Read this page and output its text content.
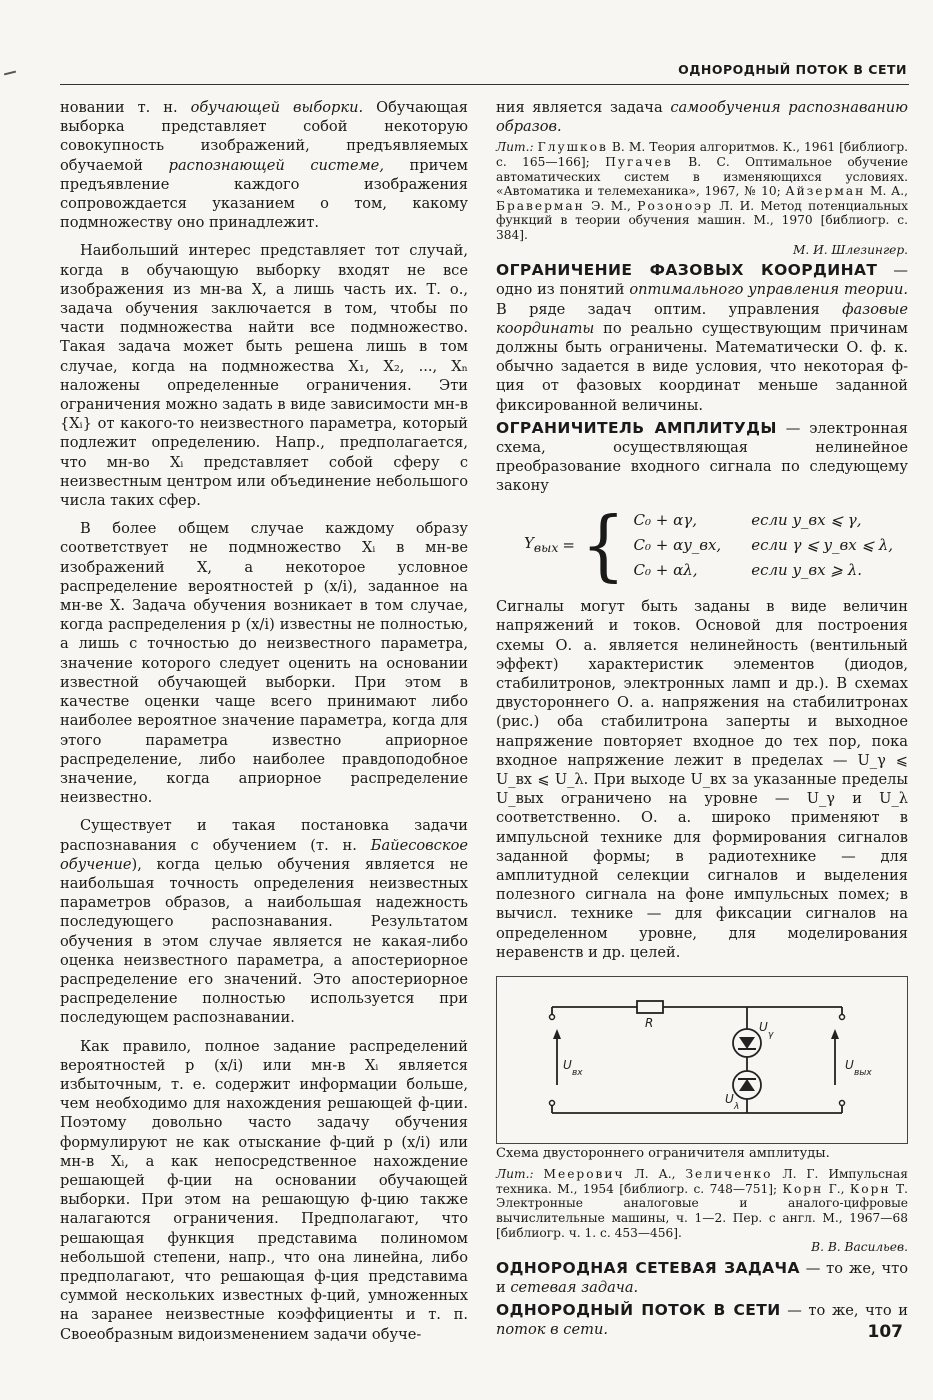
ОДНОРОДНЫЙ ПОТОК В СЕТИ

новании т. н. обучающей выборки. Обучающая выборка представляет собой некоторую совокупность изображений, предъявляемых обучаемой распознающей системе, причем предъявление каждого изображения сопровождается указанием о том, какому подмножеству оно принадлежит.

Наибольший интерес представляет тот случай, когда в обучающую выборку входят не все изображения из мн-ва X, а лишь часть их. Т. о., задача обучения заключается в том, чтобы по части подмножества найти все подмножество. Такая задача может быть решена лишь в том случае, когда на подмножества X₁, X₂, ..., Xₙ наложены определенные ограничения. Эти ограничения можно задать в виде зависимости мн-в {Xᵢ} от какого-то неизвестного параметра, который подлежит определению. Напр., предполагается, что мн-во Xᵢ представляет собой сферу с неизвестным центром или объединение небольшого числа таких сфер.

В более общем случае каждому образу соответствует не подмножество Xᵢ в мн-ве изображений X, а некоторое условное распределение вероятностей p (x/i), заданное на мн-ве X. Задача обучения возникает в том случае, когда распределения p (x/i) известны не полностью, а лишь с точностью до неизвестного параметра, значение которого следует оценить на основании известной обучающей выборки. При этом в качестве оценки чаще всего принимают либо наиболее вероятное значение параметра, когда для этого параметра известно априорное распределение, либо наиболее правдоподобное значение, когда априорное распределение неизвестно.

Существует и такая постановка задачи распознавания с обучением (т. н. Байесовское обучение), когда целью обучения является не наибольшая точность определения неизвестных параметров образов, а наибольшая надежность последующего распознавания. Результатом обучения в этом случае является не какая-либо оценка неизвестного параметра, а апостериорное распределение его значений. Это апостериорное распределение полностью используется при последующем распознавании.

Как правило, полное задание распределений вероятностей p (x/i) или мн-в Xᵢ является избыточным, т. е. содержит информации больше, чем необходимо для нахождения решающей ф-ции. Поэтому довольно часто задачу обучения формулируют не как отыскание ф-ций p (x/i) или мн-в Xᵢ, а как непосредственное нахождение решающей ф-ции на основании обучающей выборки. При этом на решающую ф-цию также налагаются ограничения. Предполагают, что решающая функция представима полиномом небольшой степени, напр., что она линейна, либо предполагают, что решающая ф-ция представима суммой нескольких известных ф-ций, умноженных на заранее неизвестные коэффициенты и т. п. Своеобразным видоизменением задачи обуче-

ния является задача самообучения распознаванию образов.

Лит.: Глушков В. М. Теория алгоритмов. К., 1961 [библиогр. с. 165—166]; Пугачев В. С. Оптимальное обучение автоматических систем в изменяющихся условиях. «Автоматика и телемеханика», 1967, № 10; Айзерман М. А., Браверман Э. М., Розоноэр Л. И. Метод потенциальных функций в теории обучения машин. М., 1970 [библиогр. с. 384].
М. И. Шлезингер.

ОГРАНИЧЕНИЕ ФАЗОВЫХ КООРДИНАТ — одно из понятий оптимального управления теории. В ряде задач оптим. управления фазовые координаты по реально существующим причинам должны быть ограничены. Математически О. ф. к. обычно задается в виде условия, что некоторая ф-ция от фазовых координат меньше заданной фиксированной величины.

ОГРАНИЧИТЕЛЬ АМПЛИТУДЫ — электронная схема, осуществляющая нелинейное преобразование входного сигнала по следующему закону

$Y_{вых}$ = { C₀ + αγ,	если y_вх ⩽ γ,
C₀ + αy_вх,	если γ ⩽ y_вх ⩽ λ,
C₀ + αλ,	если y_вх ⩾ λ.

Сигналы могут быть заданы в виде величин напряжений и токов. Основой для построения схемы О. а. является нелинейность (вентильный эффект) характеристик элементов (диодов, стабилитронов, электронных ламп и др.). В схемах двустороннего О. а. напряжения на стабилитронах (рис.) оба стабилитрона заперты и выходное напряжение повторяет входное до тех пор, пока входное напряжение лежит в пределах — U_γ ⩽ U_вх ⩽ U_λ. При выходе U_вх за указанные пределы U_вых ограничено на уровне — U_γ и U_λ соответственно. О. а. широко применяют в импульсной технике для формирования сигналов заданной формы; в радиотехнике — для амплитудной селекции сигналов и выделения полезного сигнала на фоне импульсных помех; в вычисл. технике — для фиксации сигналов на определенном уровне, для моделирования неравенств и др. целей.

R	U
γ
U
λ
U
вх
U
вых

Схема двустороннего ограничителя амплитуды.

Лит.: Меерович Л. А., Зеличенко Л. Г. Импульсная техника. М., 1954 [библиогр. с. 748—751]; Корн Г., Корн Т. Электронные аналоговые и аналого-цифровые вычислительные машины, ч. 1—2. Пер. с англ. М., 1967—68 [библиогр. ч. 1. с. 453—456].
В. В. Васильев.

ОДНОРОДНАЯ СЕТЕВАЯ ЗАДАЧА — то же, что и сетевая задача.

ОДНОРОДНЫЙ ПОТОК В СЕТИ — то же, что и поток в сети.	107
